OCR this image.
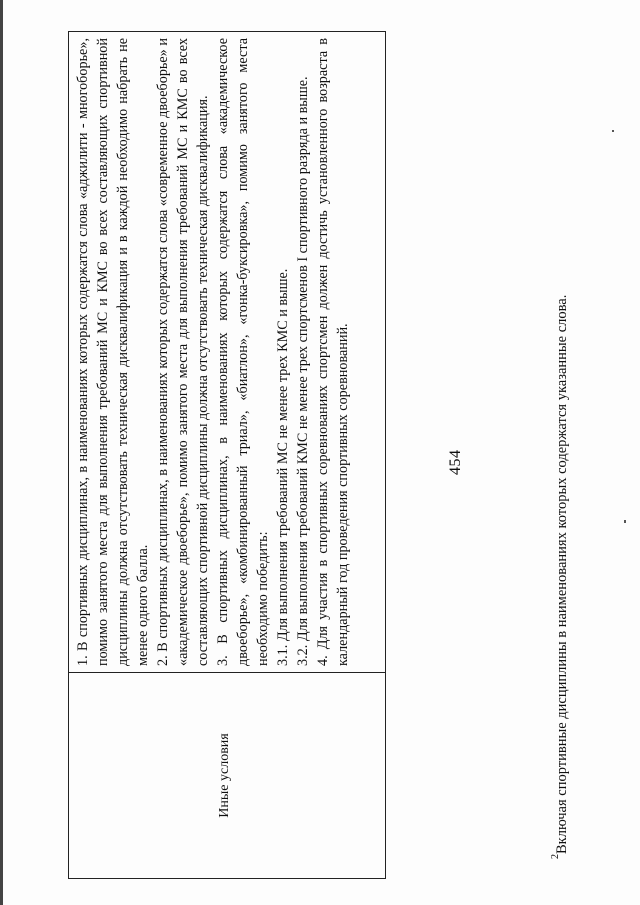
454
Иные условия

1. В спортивных дисциплинах, в наименованиях которых содержатся слова «аджилити - многоборье», помимо занятого места для выполнения требований МС и КМС во всех составляющих спортивной дисциплины должна отсутствовать техническая дисквалификация и в каждой необходимо набрать не менее одного балла. 2. В спортивных дисциплинах, в наименованиях которых содержатся слова «современное двоеборье» и «академическое двоеборье», помимо занятого места для выполнения требований МС и КМС во всех составляющих спортивной дисциплины должна отсутствовать техническая дисквалификация. 3. В спортивных дисциплинах, в наименованиях которых содержатся слова «академическое двоеборье», «комбинированный триал», «биатлон», «гонка-буксировка», помимо занятого места необходимо победить: 3.1. Для выполнения требований МС не менее трех КМС и выше. 3.2. Для выполнения требований КМС не менее трех спортсменов I спортивного разряда и выше. 4. Для участия в спортивных соревнованиях спортсмен должен достичь установленного возраста в календарный год проведения спортивных соревнований.

$^2$Включая спортивные дисциплины в наименованиях которых содержатся указанные слова.
